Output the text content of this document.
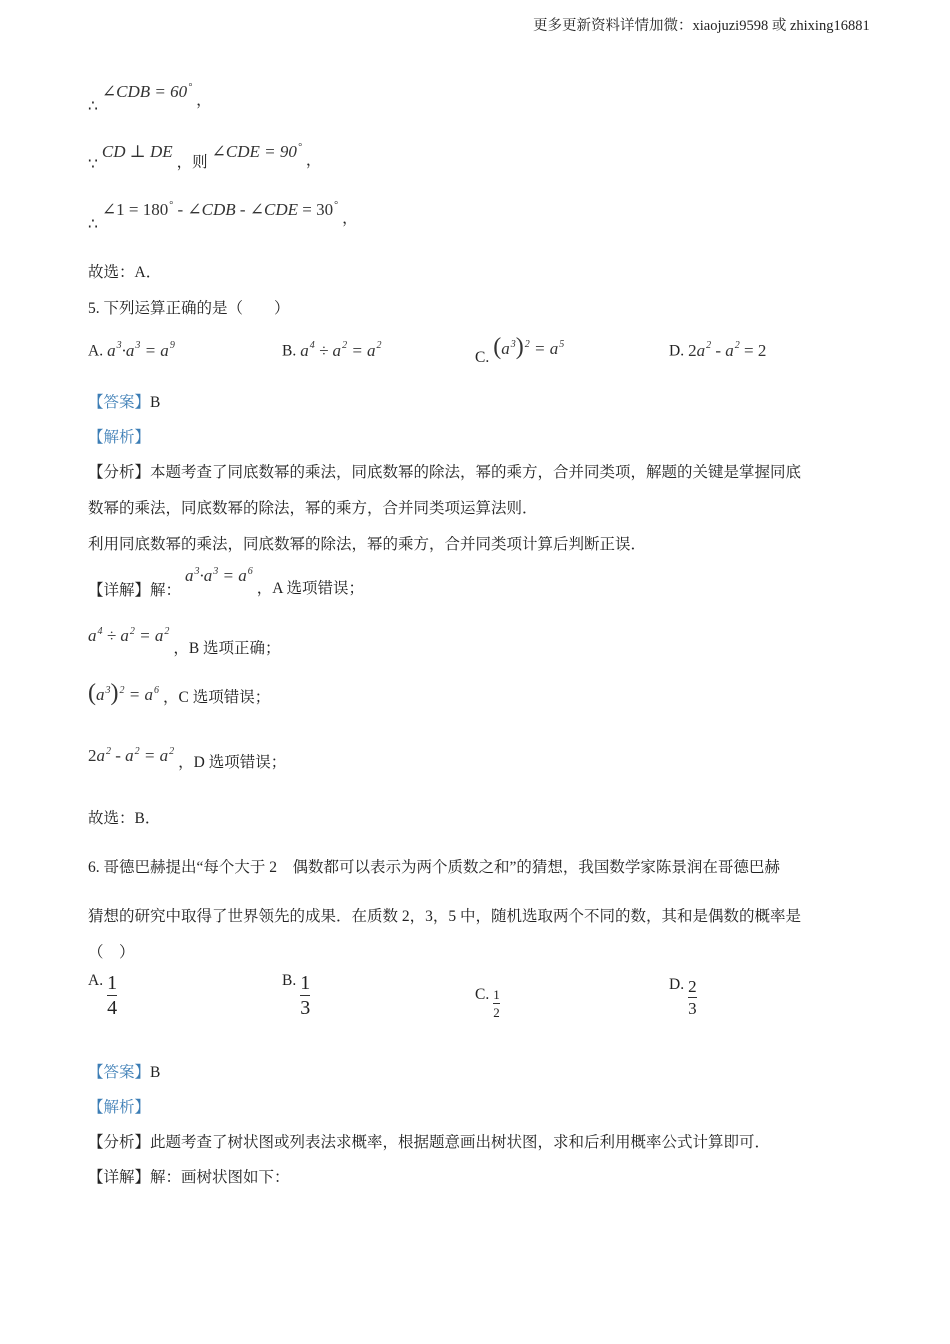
更多更新资料详情加微：xiaojuzi9598 或 zhixing16881
∴ ∠CDB = 60° ，
∵ CD ⊥ DE ，则 ∠CDE = 90° ，
∴ ∠1 = 180° - ∠CDB - ∠CDE = 30° ，
故选：A．
5. 下列运算正确的是（　　）
A. $a^3\cdot a^3 = a^9$	B. $a^4 \div a^2 = a^2$
C. $(a^3)^2 = a^5$	D. $2a^2 - a^2 = 2$
【答案】B
【解析】
【分析】本题考查了同底数幂的乘法，同底数幂的除法，幂的乘方，合并同类项，解题的关键是掌握同底
数幂的乘法，同底数幂的除法，幂的乘方，合并同类项运算法则．
利用同底数幂的乘法，同底数幂的除法，幂的乘方，合并同类项计算后判断正误．
【详解】解： $a^3\cdot a^3 = a^6$ ，A 选项错误；
$a^4 \div a^2 = a^2$ ，B 选项正确；
$(a^3)^2 = a^6$ ，C 选项错误；
$2a^2 - a^2 = a^2$ ，D 选项错误；
故选：B．
6. 哥德巴赫提出“每个大于 2　偶数都可以表示为两个质数之和”的猜想，我国数学家陈景润在哥德巴赫
猜想的研究中取得了世界领先的成果．在质数 2，3，5 中，随机选取两个不同的数，其和是偶数的概率是
（　）
A. $\frac{1}{4}$	B. $\frac{1}{3}$	C. $\frac{1}{2}$
D. $\frac{2}{3}$
【答案】B
【解析】
【分析】此题考查了树状图或列表法求概率，根据题意画出树状图，求和后利用概率公式计算即可．
【详解】解：画树状图如下：
